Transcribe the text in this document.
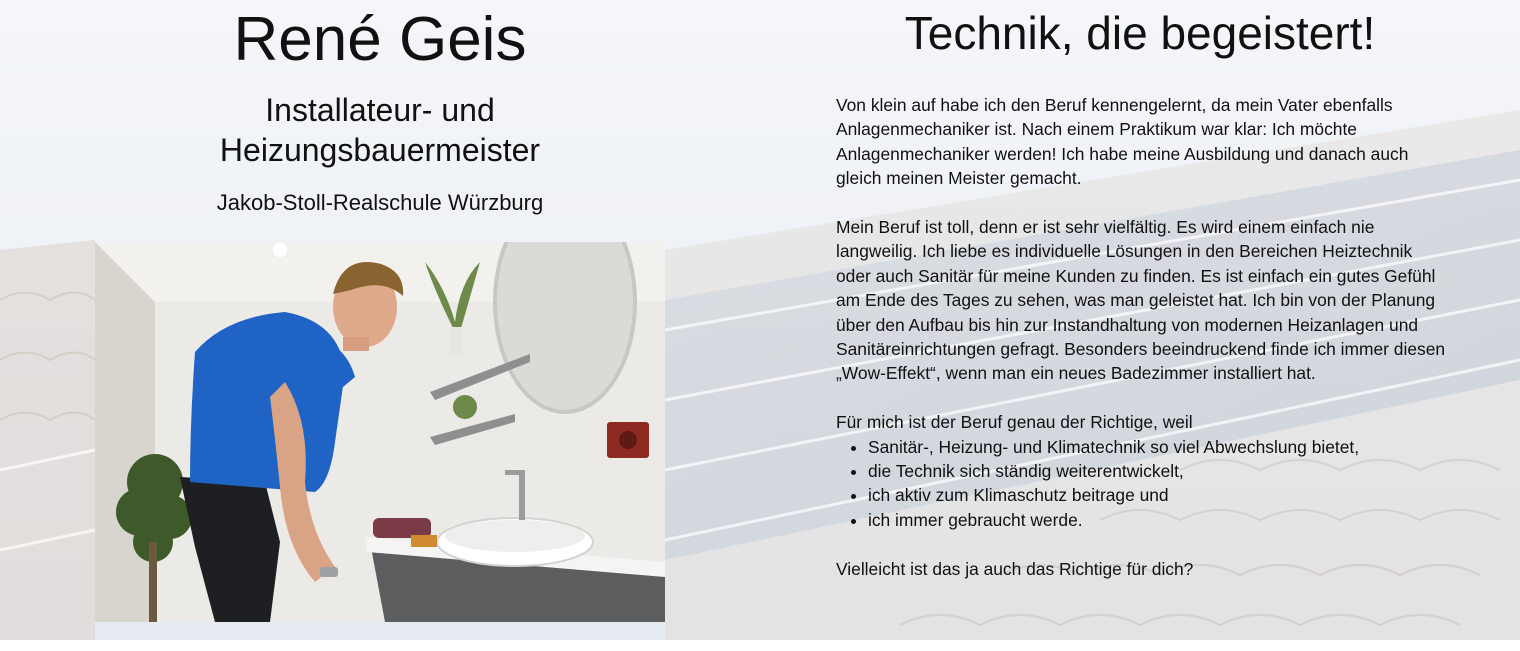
René Geis
Installateur- und Heizungsbauermeister
Jakob-Stoll-Realschule Würzburg
Technik, die begeistert!

Von klein auf habe ich den Beruf kennengelernt, da mein Vater ebenfalls Anlagenmechaniker ist. Nach einem Praktikum war klar: Ich möchte Anlagenmechaniker werden! Ich habe meine Ausbildung und danach auch gleich meinen Meister gemacht.

Mein Beruf ist toll, denn er ist sehr vielfältig. Es wird einem einfach nie langweilig. Ich liebe es individuelle Lösungen in den Bereichen Heiztechnik oder auch Sanitär für meine Kunden zu finden. Es ist einfach ein gutes Gefühl am Ende des Tages zu sehen, was man geleistet hat. Ich bin von der Planung über den Aufbau bis hin zur Instandhaltung von modernen Heizanlagen und Sanitäreinrichtungen gefragt. Besonders beeindruckend finde ich immer diesen „Wow-Effekt“, wenn man ein neues Badezimmer installiert hat.

Für mich ist der Beruf genau der Richtige, weil

• Sanitär-, Heizung- und Klimatechnik so viel Abwechslung bietet,
• die Technik sich ständig weiterentwickelt,
• ich aktiv zum Klimaschutz beitrage und
• ich immer gebraucht werde.

Vielleicht ist das ja auch das Richtige für dich?
